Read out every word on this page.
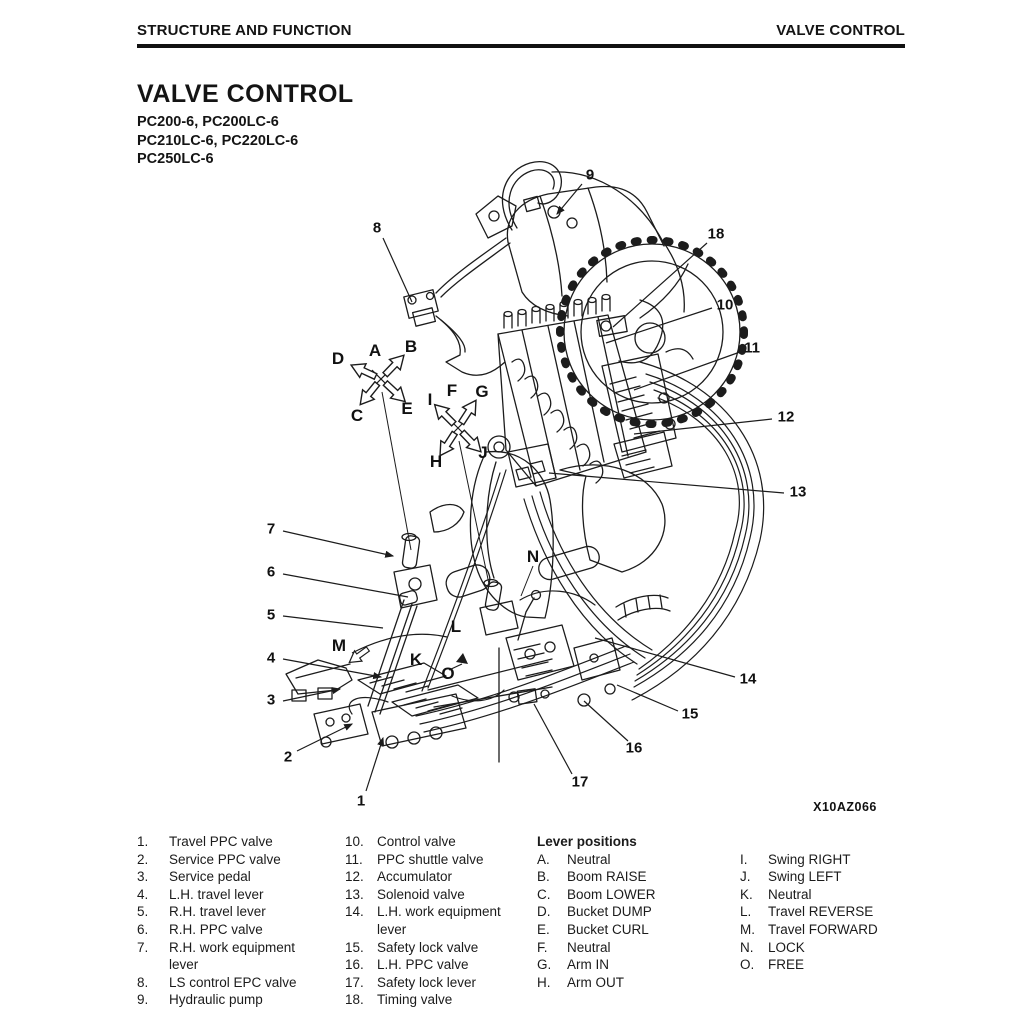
STRUCTURE AND FUNCTION	VALVE CONTROL
VALVE CONTROL
PC200-6, PC200LC-6
PC210LC-6, PC220LC-6
PC250LC-6
1
2
3
4
5
6
7
8
9
10
11
12
13
14
15
16
17
18
A B
C
D
E
F G
H
I
J
K
L
M
N
O
X10AZ066
1.	Travel PPC valve
2.	Service PPC valve
3.	Service pedal
4.	L.H. travel lever
5.	R.H. travel lever
6.	R.H. PPC valve
7.	R.H. work equipment
lever
8.	LS control EPC valve
9.	Hydraulic pump
10. Control valve
11.	PPC shuttle valve
12. Accumulator
13. Solenoid valve
14. L.H. work equipment
lever
15. Safety lock valve
16. L.H. PPC valve
17. Safety lock lever
18. Timing valve
Lever positions
A.	Neutral
B.	Boom RAISE
C.	Boom LOWER
D.	Bucket DUMP
E.	Bucket CURL
F.	Neutral
G.	Arm IN
H.	Arm OUT
I.	Swing RIGHT
J.	Swing LEFT
K.	Neutral
L.	Travel REVERSE
M. Travel FORWARD
N.	LOCK
O.	FREE
